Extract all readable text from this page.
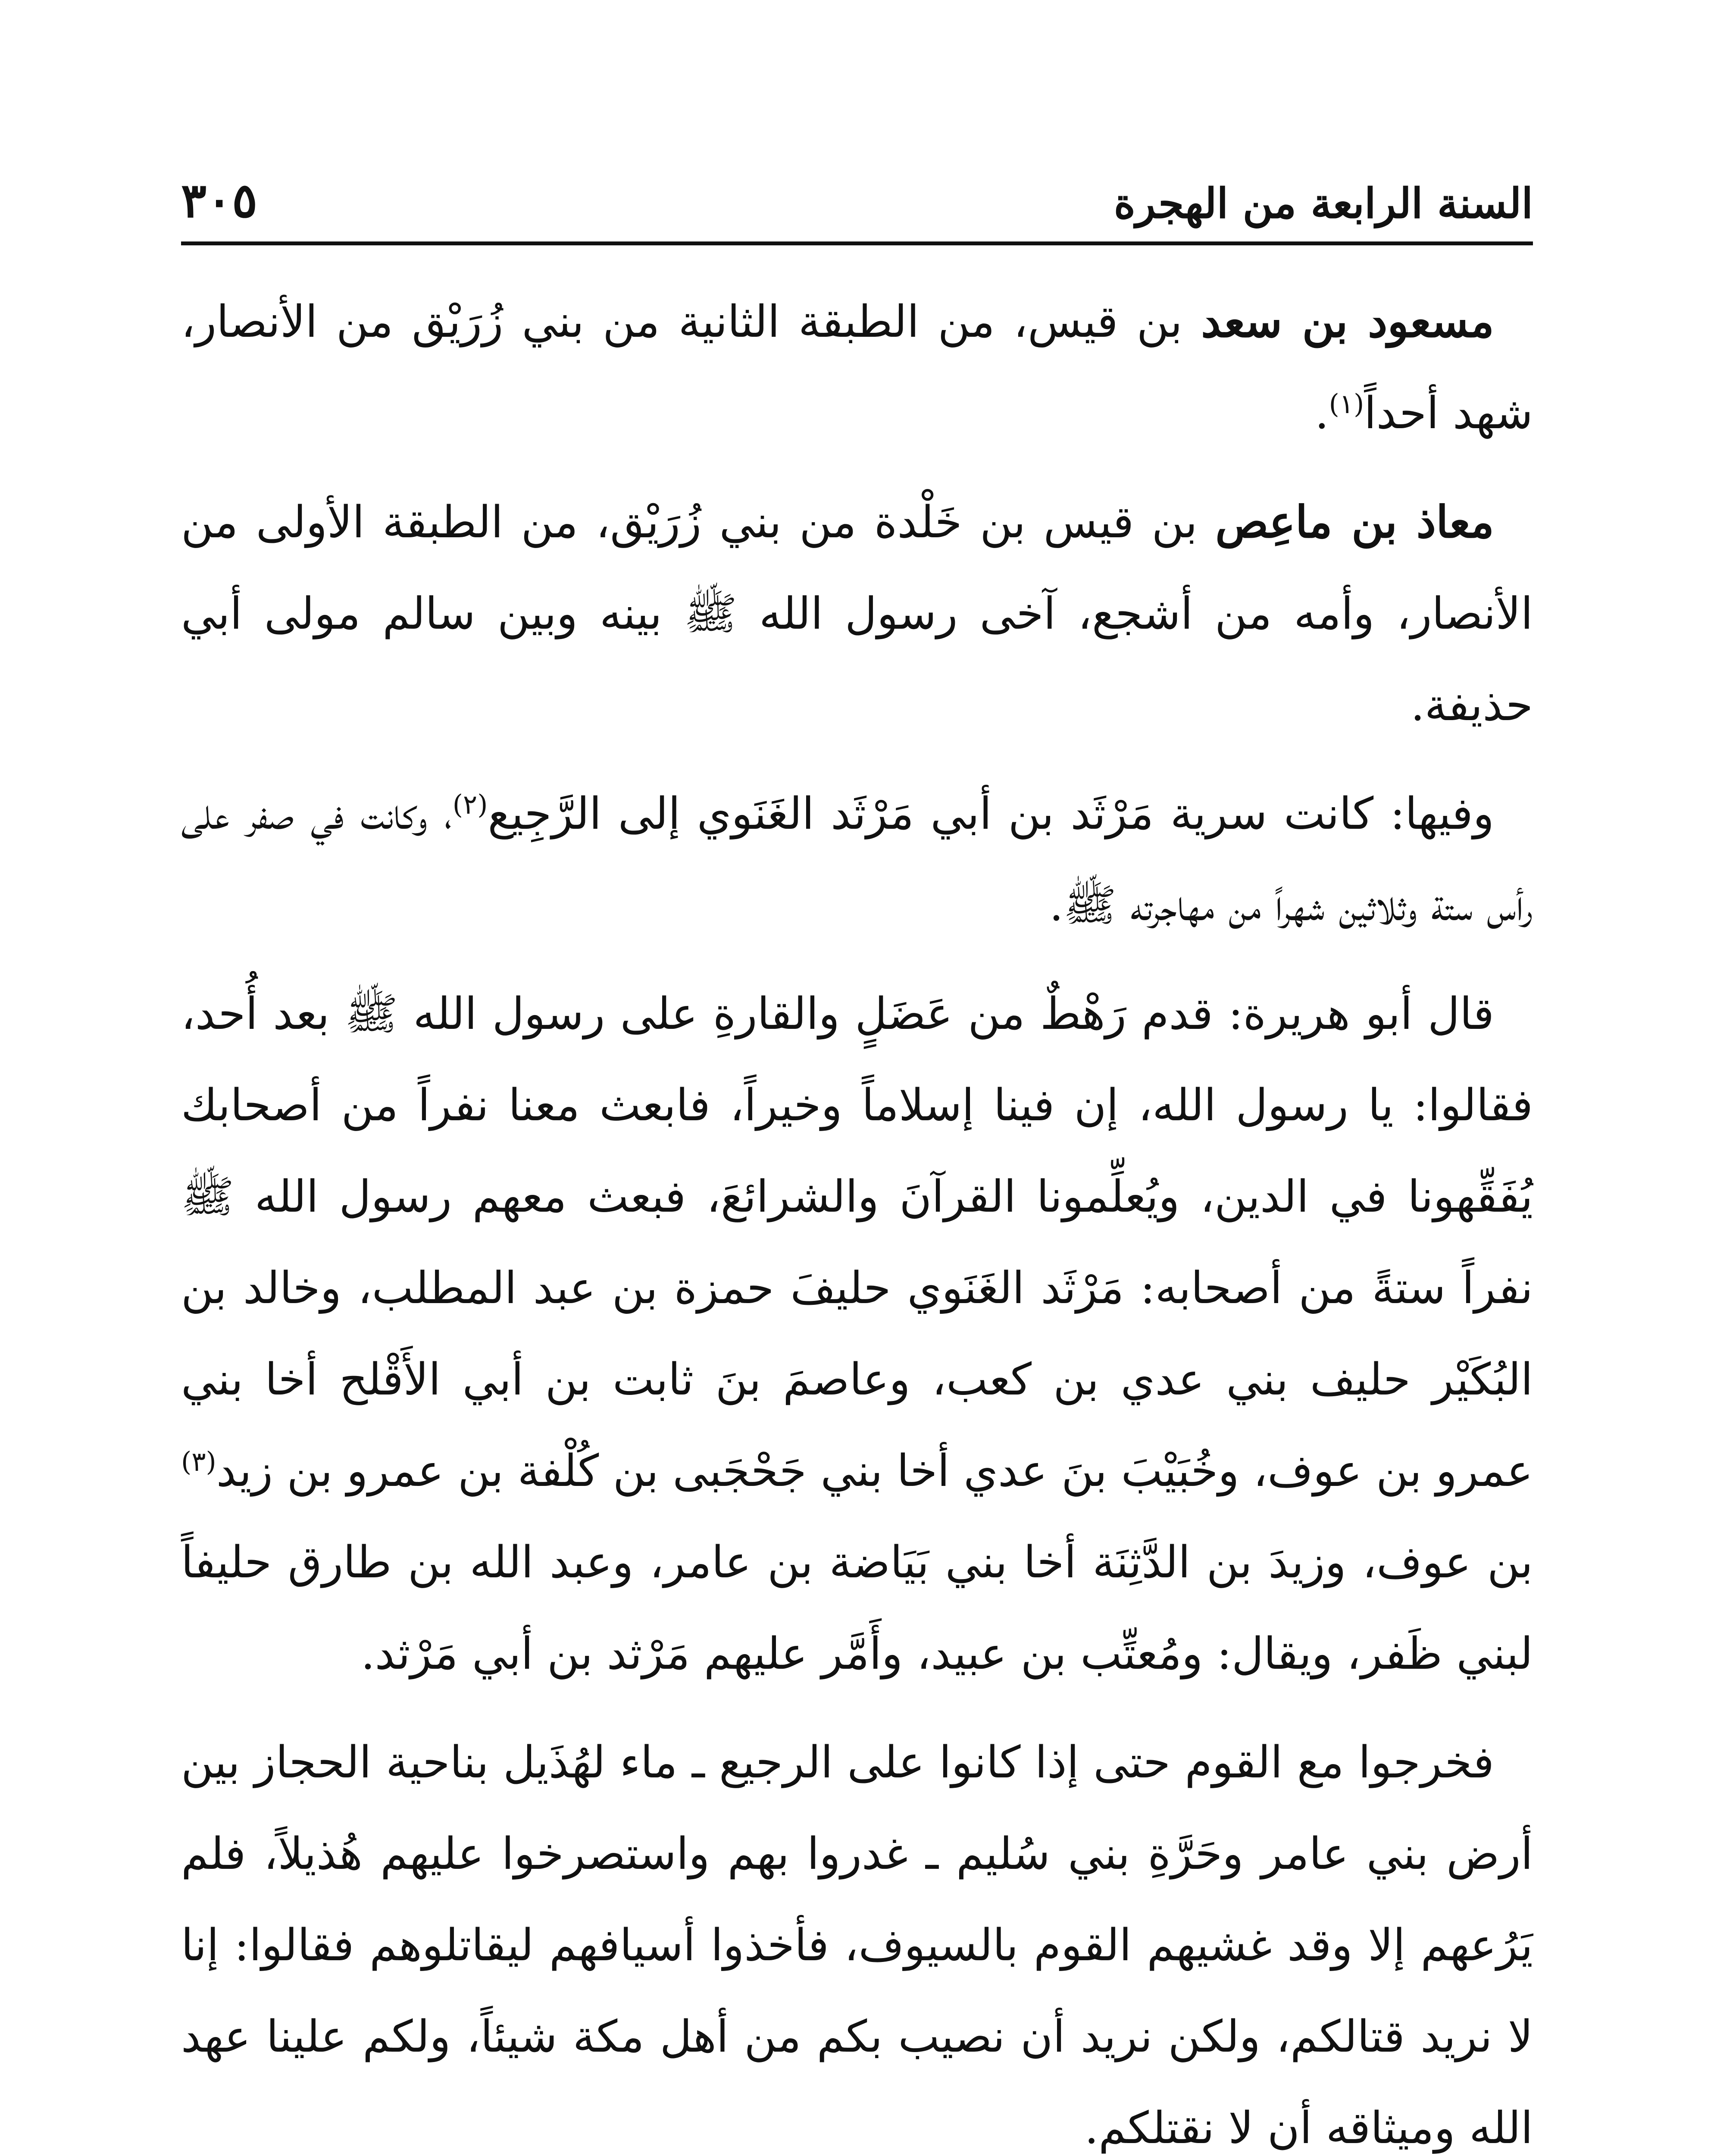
السنة الرابعة من الهجرة
٣٠٥

مسعود بن سعد بن قيس، من الطبقة الثانية من بني زُرَيْق من الأنصار، شهد أحداً$^{(١)}$.

معاذ بن ماعِص بن قيس بن خَلْدة من بني زُرَيْق، من الطبقة الأولى من الأنصار، وأمه من أشجع، آخى رسول الله ﷺ بينه وبين سالم مولى أبي حذيفة.

وفيها: كانت سرية مَرْثَد بن أبي مَرْثَد الغَنَوي إلى الرَّجِيع$^{(٢)}$، وكانت في صفر على رأس ستة وثلاثين شهراً من مهاجرته ﷺ.

قال أبو هريرة: قدم رَهْطٌ من عَضَلٍ والقارةِ على رسول الله ﷺ بعد أُحد، فقالوا: يا رسول الله، إن فينا إسلاماً وخيراً، فابعث معنا نفراً من أصحابك يُفَقِّهونا في الدين، ويُعلِّمونا القرآنَ والشرائعَ، فبعث معهم رسول الله ﷺ نفراً ستةً من أصحابه: مَرْثَد الغَنَوي حليفَ حمزة بن عبد المطلب، وخالد بن البُكَيْر حليف بني عدي بن كعب، وعاصمَ بنَ ثابت بن أبي الأَقْلح أخا بني عمرو بن عوف، وخُبَيْبَ بنَ عدي أخا بني جَحْجَبى بن كُلْفة بن عمرو بن زيد$^{(٣)}$ بن عوف، وزيدَ بن الدَّثِنَة أخا بني بَيَاضة بن عامر، وعبد الله بن طارق حليفاً لبني ظَفر، ويقال: ومُعتِّب بن عبيد، وأَمَّر عليهم مَرْثد بن أبي مَرْثد.

فخرجوا مع القوم حتى إذا كانوا على الرجيع ـ ماء لهُذَيل بناحية الحجاز بين أرض بني عامر وحَرَّةِ بني سُليم ـ غدروا بهم واستصرخوا عليهم هُذيلاً، فلم يَرُعهم إلا وقد غشيهم القوم بالسيوف، فأخذوا أسيافهم ليقاتلوهم فقالوا: إنا لا نريد قتالكم، ولكن نريد أن نصيب بكم من أهل مكة شيئاً، ولكم علينا عهد الله وميثاقه أن لا نقتلكم.
